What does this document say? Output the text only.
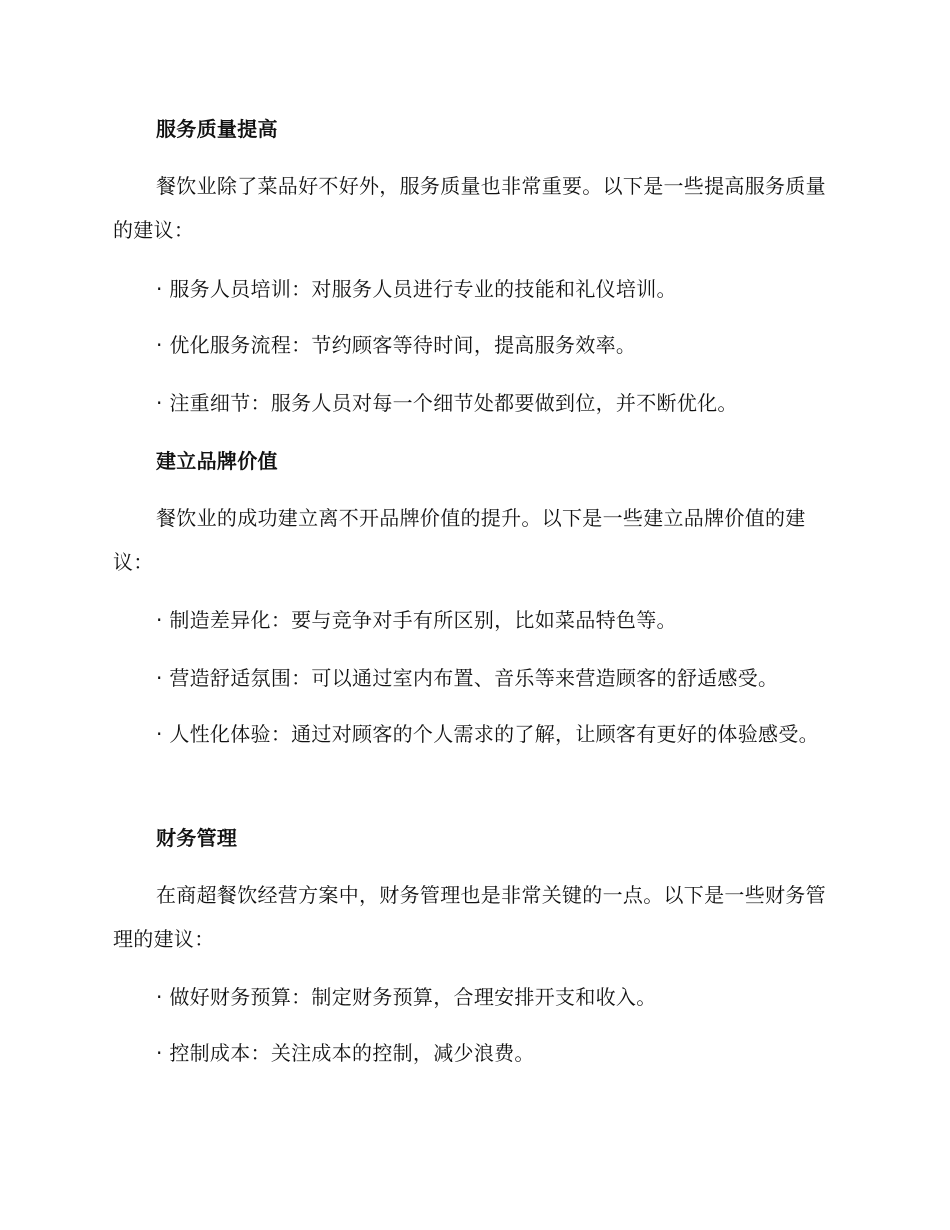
服务质量提高
餐饮业除了菜品好不好外，服务质量也非常重要。以下是一些提高服务质量的建议：
· 服务人员培训：对服务人员进行专业的技能和礼仪培训。
· 优化服务流程：节约顾客等待时间，提高服务效率。
· 注重细节：服务人员对每一个细节处都要做到位，并不断优化。
建立品牌价值
餐饮业的成功建立离不开品牌价值的提升。以下是一些建立品牌价值的建议：
· 制造差异化：要与竞争对手有所区别，比如菜品特色等。
· 营造舒适氛围：可以通过室内布置、音乐等来营造顾客的舒适感受。
· 人性化体验：通过对顾客的个人需求的了解，让顾客有更好的体验感受。
财务管理
在商超餐饮经营方案中，财务管理也是非常关键的一点。以下是一些财务管理的建议：
· 做好财务预算：制定财务预算，合理安排开支和收入。
· 控制成本：关注成本的控制，减少浪费。
